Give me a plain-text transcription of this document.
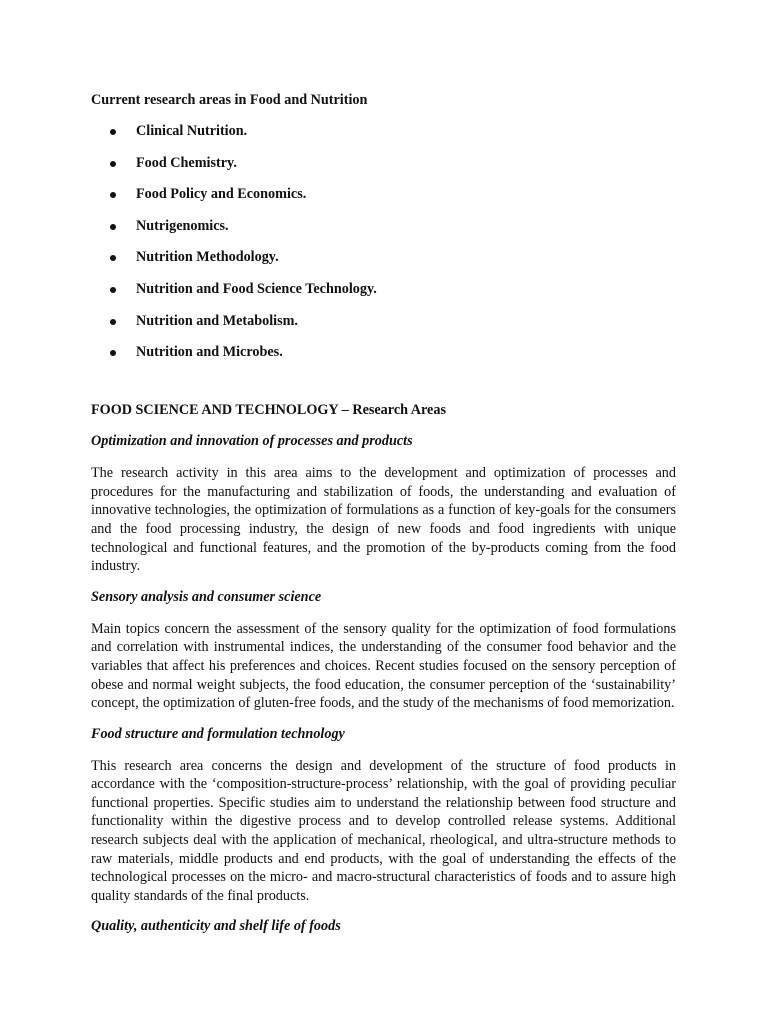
Current research areas in Food and Nutrition

Clinical Nutrition.
Food Chemistry.
Food Policy and Economics.
Nutrigenomics.
Nutrition Methodology.
Nutrition and Food Science Technology.
Nutrition and Metabolism.
Nutrition and Microbes.

FOOD SCIENCE AND TECHNOLOGY – Research Areas

Optimization and innovation of processes and products

The research activity in this area aims to the development and optimization of processes and procedures for the manufacturing and stabilization of foods, the understanding and evaluation of innovative technologies, the optimization of formulations as a function of key-goals for the consumers and the food processing industry, the design of new foods and food ingredients with unique technological and functional features, and the promotion of the by-products coming from the food industry.

Sensory analysis and consumer science

Main topics concern the assessment of the sensory quality for the optimization of food formulations and correlation with instrumental indices, the understanding of the consumer food behavior and the variables that affect his preferences and choices. Recent studies focused on the sensory perception of obese and normal weight subjects, the food education, the consumer perception of the ‘sustainability’ concept, the optimization of gluten-free foods, and the study of the mechanisms of food memorization.

Food structure and formulation technology

This research area concerns the design and development of the structure of food products in accordance with the ‘composition-structure-process’ relationship, with the goal of providing peculiar functional properties. Specific studies aim to understand the relationship between food structure and functionality within the digestive process and to develop controlled release systems. Additional research subjects deal with the application of mechanical, rheological, and ultra-structure methods to raw materials, middle products and end products, with the goal of understanding the effects of the technological processes on the micro- and macro-structural characteristics of foods and to assure high quality standards of the final products.

Quality, authenticity and shelf life of foods
